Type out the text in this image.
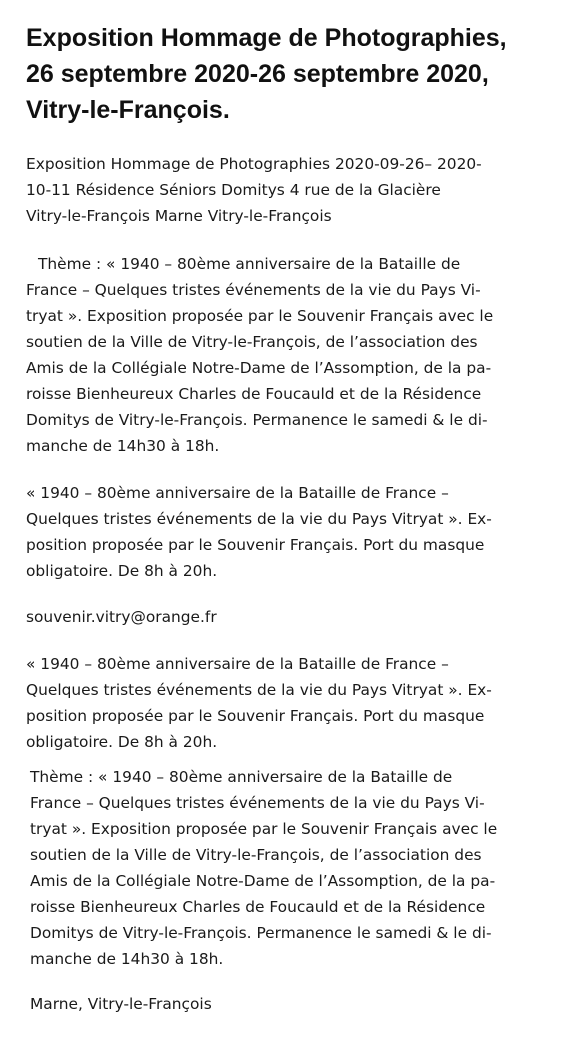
Exposition Hommage de Photographies,
26 septembre 2020-26 septembre 2020,
Vitry-le-François.
Exposition Hommage de Photographies 2020-09-26– 2020-
10-11 Résidence Séniors Domitys 4 rue de la Glacière
Vitry-le-François Marne Vitry-le-François
Thème : « 1940 – 80ème anniversaire de la Bataille de
France – Quelques tristes événements de la vie du Pays Vi-
tryat ». Exposition proposée par le Souvenir Français avec le
soutien de la Ville de Vitry-le-François, de l’association des
Amis de la Collégiale Notre-Dame de l’Assomption, de la pa-
roisse Bienheureux Charles de Foucauld et de la Résidence
Domitys de Vitry-le-François. Permanence le samedi & le di-
manche de 14h30 à 18h.
« 1940 – 80ème anniversaire de la Bataille de France –
Quelques tristes événements de la vie du Pays Vitryat ». Ex-
position proposée par le Souvenir Français. Port du masque
obligatoire. De 8h à 20h.
souvenir.vitry@orange.fr
« 1940 – 80ème anniversaire de la Bataille de France –
Quelques tristes événements de la vie du Pays Vitryat ». Ex-
position proposée par le Souvenir Français. Port du masque
obligatoire. De 8h à 20h.
Thème : « 1940 – 80ème anniversaire de la Bataille de
France – Quelques tristes événements de la vie du Pays Vi-
tryat ». Exposition proposée par le Souvenir Français avec le
soutien de la Ville de Vitry-le-François, de l’association des
Amis de la Collégiale Notre-Dame de l’Assomption, de la pa-
roisse Bienheureux Charles de Foucauld et de la Résidence
Domitys de Vitry-le-François. Permanence le samedi & le di-
manche de 14h30 à 18h.
Marne, Vitry-le-François
